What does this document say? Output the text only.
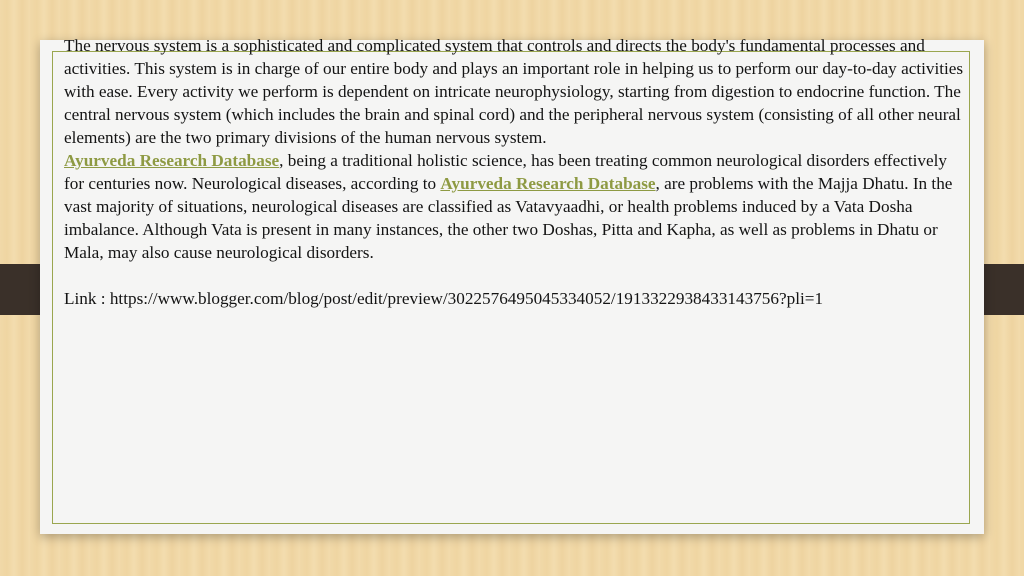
The nervous system is a sophisticated and complicated system that controls and directs the body's fundamental processes and activities. This system is in charge of our entire body and plays an important role in helping us to perform our day-to-day activities with ease. Every activity we perform is dependent on intricate neurophysiology, starting from digestion to endocrine function. The central nervous system (which includes the brain and spinal cord) and the peripheral nervous system (consisting of all other neural elements) are the two primary divisions of the human nervous system.

Ayurveda Research Database, being a traditional holistic science, has been treating common neurological disorders effectively for centuries now. Neurological diseases, according to Ayurveda Research Database, are problems with the Majja Dhatu. In the vast majority of situations, neurological diseases are classified as Vatavyaadhi, or health problems induced by a Vata Dosha imbalance. Although Vata is present in many instances, the other two Doshas, Pitta and Kapha, as well as problems in Dhatu or Mala, may also cause neurological disorders.

Link : https://www.blogger.com/blog/post/edit/preview/3022576495045334052/1913322938433143756?pli=1
